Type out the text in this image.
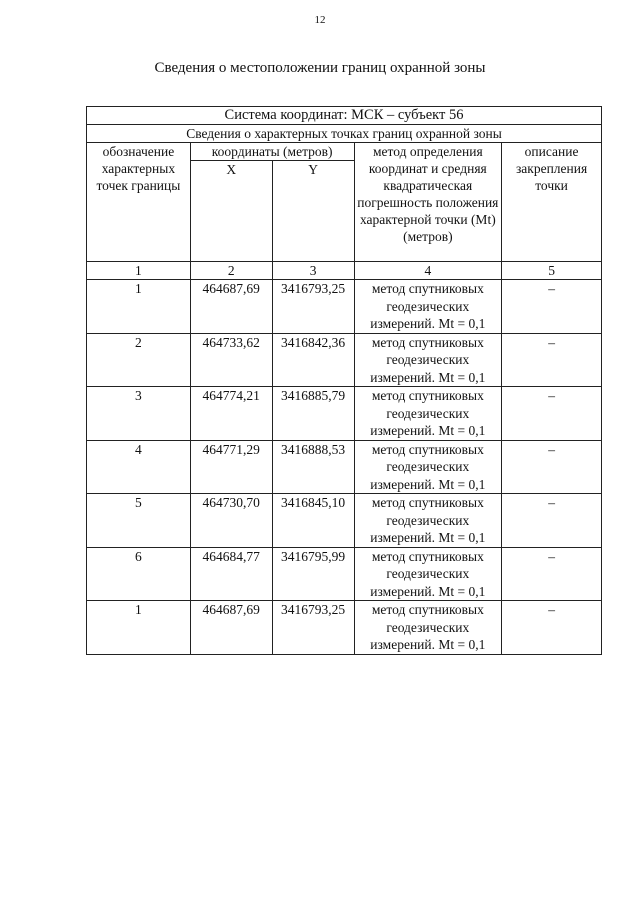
12
Сведения о местоположении границ охранной зоны
Система координат: МСК – субъект 56				
Сведения о характерных точках границ охранной зоны				
обозначение характерных точек границы	координаты (метров)		метод определения координат и средняя квадратическая погрешность положения характерной точки (Mt) (метров)	описание закрепления точки
	X	Y		
1	2	3	4	5
1	464687,69	3416793,25	метод спутниковых геодезических измерений. Mt = 0,1	–
2	464733,62	3416842,36	метод спутниковых геодезических измерений. Mt = 0,1	–
3	464774,21	3416885,79	метод спутниковых геодезических измерений. Mt = 0,1	–
4	464771,29	3416888,53	метод спутниковых геодезических измерений. Mt = 0,1	–
5	464730,70	3416845,10	метод спутниковых геодезических измерений. Mt = 0,1	–
6	464684,77	3416795,99	метод спутниковых геодезических измерений. Mt = 0,1	–
1	464687,69	3416793,25	метод спутниковых геодезических измерений. Mt = 0,1	–
